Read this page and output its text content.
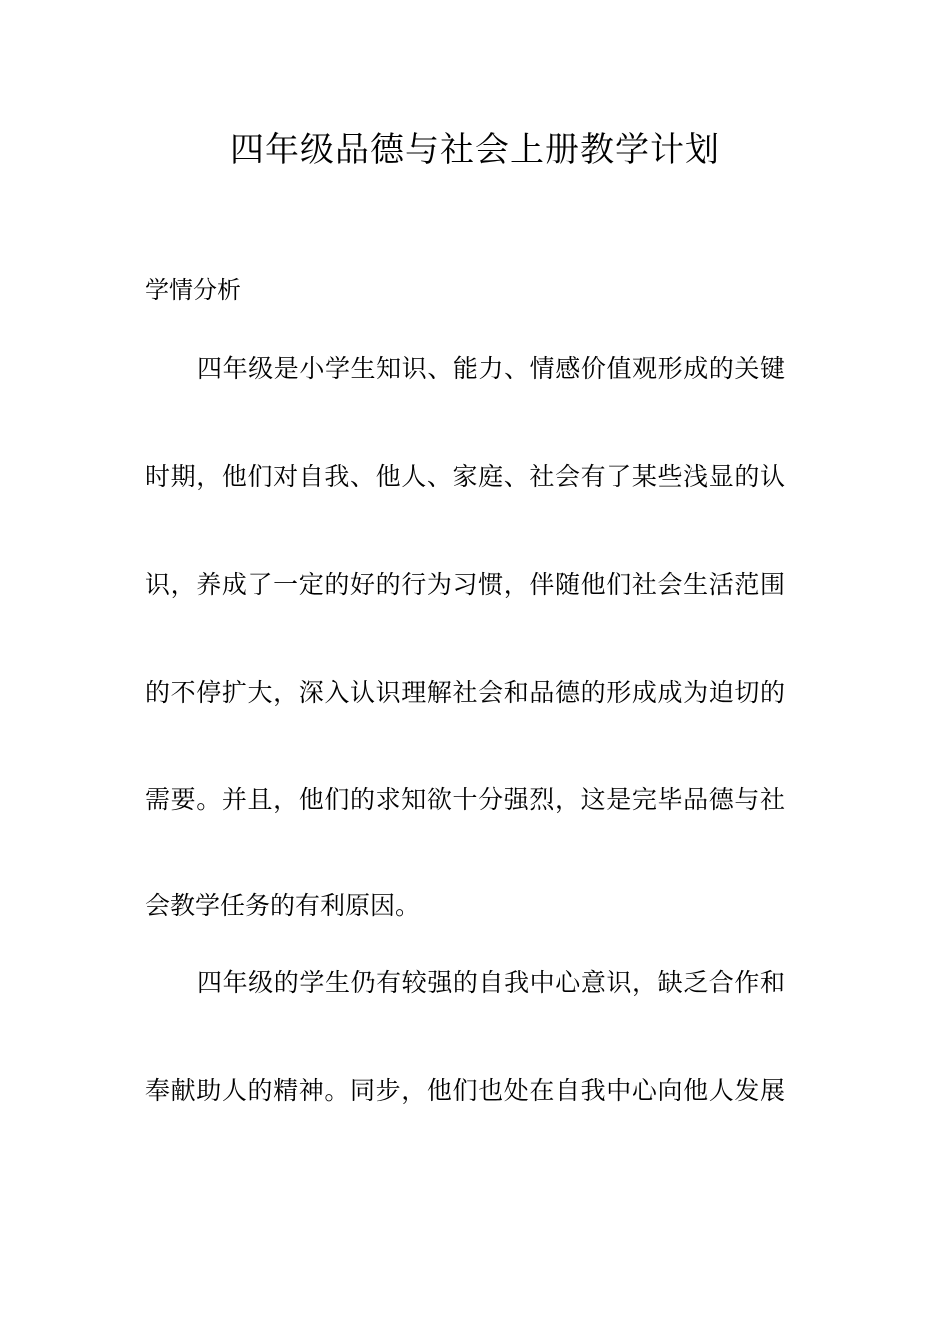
四年级品德与社会上册教学计划
学情分析
四年级是小学生知识、能力、情感价值观形成的关键
时期，他们对自我、他人、家庭、社会有了某些浅显的认
识，养成了一定的好的行为习惯，伴随他们社会生活范围
的不停扩大，深入认识理解社会和品德的形成成为迫切的
需要。并且，他们的求知欲十分强烈，这是完毕品德与社
会教学任务的有利原因。
四年级的学生仍有较强的自我中心意识，缺乏合作和
奉献助人的精神。同步，他们也处在自我中心向他人发展
